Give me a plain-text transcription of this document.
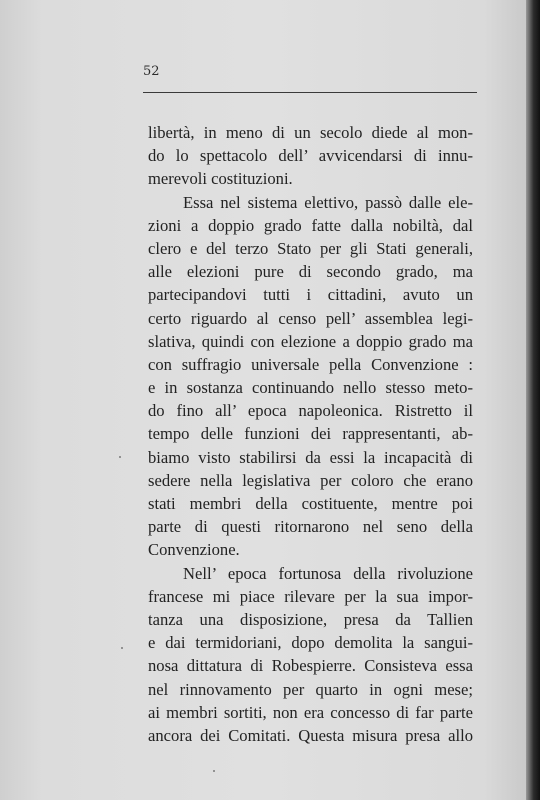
52
libertà, in meno di un secolo diede al mon-
do lo spettacolo dell’ avvicendarsi di innu-
merevoli costituzioni.
Essa nel sistema elettivo, passò dalle ele-
zioni a doppio grado fatte dalla nobiltà, dal
clero e del terzo Stato per gli Stati generali,
alle elezioni pure di secondo grado, ma
partecipandovi tutti i cittadini, avuto un
certo riguardo al censo pell’ assemblea legi-
slativa, quindi con elezione a doppio grado ma
con suffragio universale pella Convenzione :
e in sostanza continuando nello stesso meto-
do fino all’ epoca napoleonica. Ristretto il
tempo delle funzioni dei rappresentanti, ab-
biamo visto stabilirsi da essi la incapacità di
sedere nella legislativa per coloro che erano
stati membri della costituente, mentre poi
parte di questi ritornarono nel seno della
Convenzione.
Nell’ epoca fortunosa della rivoluzione
francese mi piace rilevare per la sua impor-
tanza una disposizione, presa da Tallien
e dai termidoriani, dopo demolita la sangui-
nosa dittatura di Robespierre. Consisteva essa
nel rinnovamento per quarto in ogni mese;
ai membri sortiti, non era concesso di far parte
ancora dei Comitati. Questa misura presa allo
